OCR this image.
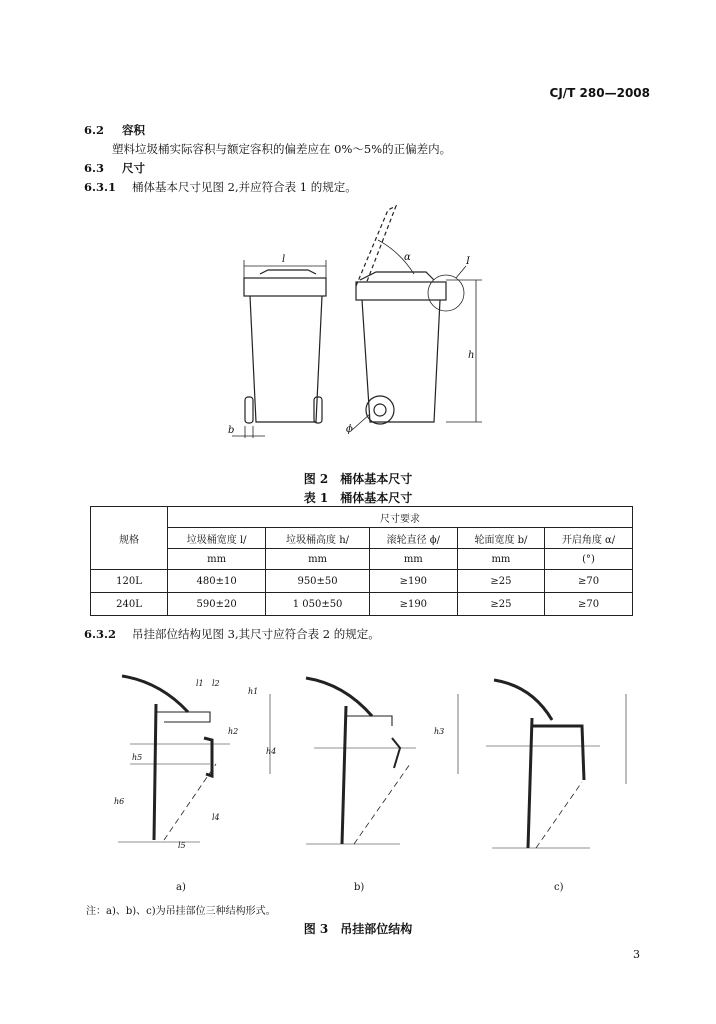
CJ/T 280—2008
6.2 容积
塑料垃圾桶实际容积与额定容积的偏差应在 0%～5%的正偏差内。
6.3 尺寸
6.3.1 桶体基本尺寸见图 2,并应符合表 1 的规定。
l
b
h
ϕ
α	I
图 2　桶体基本尺寸
表 1　桶体基本尺寸
规格	尺寸要求				
	垃圾桶宽度 l/	垃圾桶高度 h/	滚轮直径 ϕ/	轮面宽度 b/	开启角度 α/
	mm	mm	mm	mm	(°)
120L	480±10	950±50	≥190	≥25	≥70
240L	590±20	1 050±50	≥190	≥25	≥70
6.3.2 吊挂部位结构见图 3,其尺寸应符合表 2 的规定。
l1 l2
h1
h2	h3
h4
h5
h6
l4
l5
a)	b)	c)
注：a)、b)、c)为吊挂部位三种结构形式。
图 3　吊挂部位结构
3
